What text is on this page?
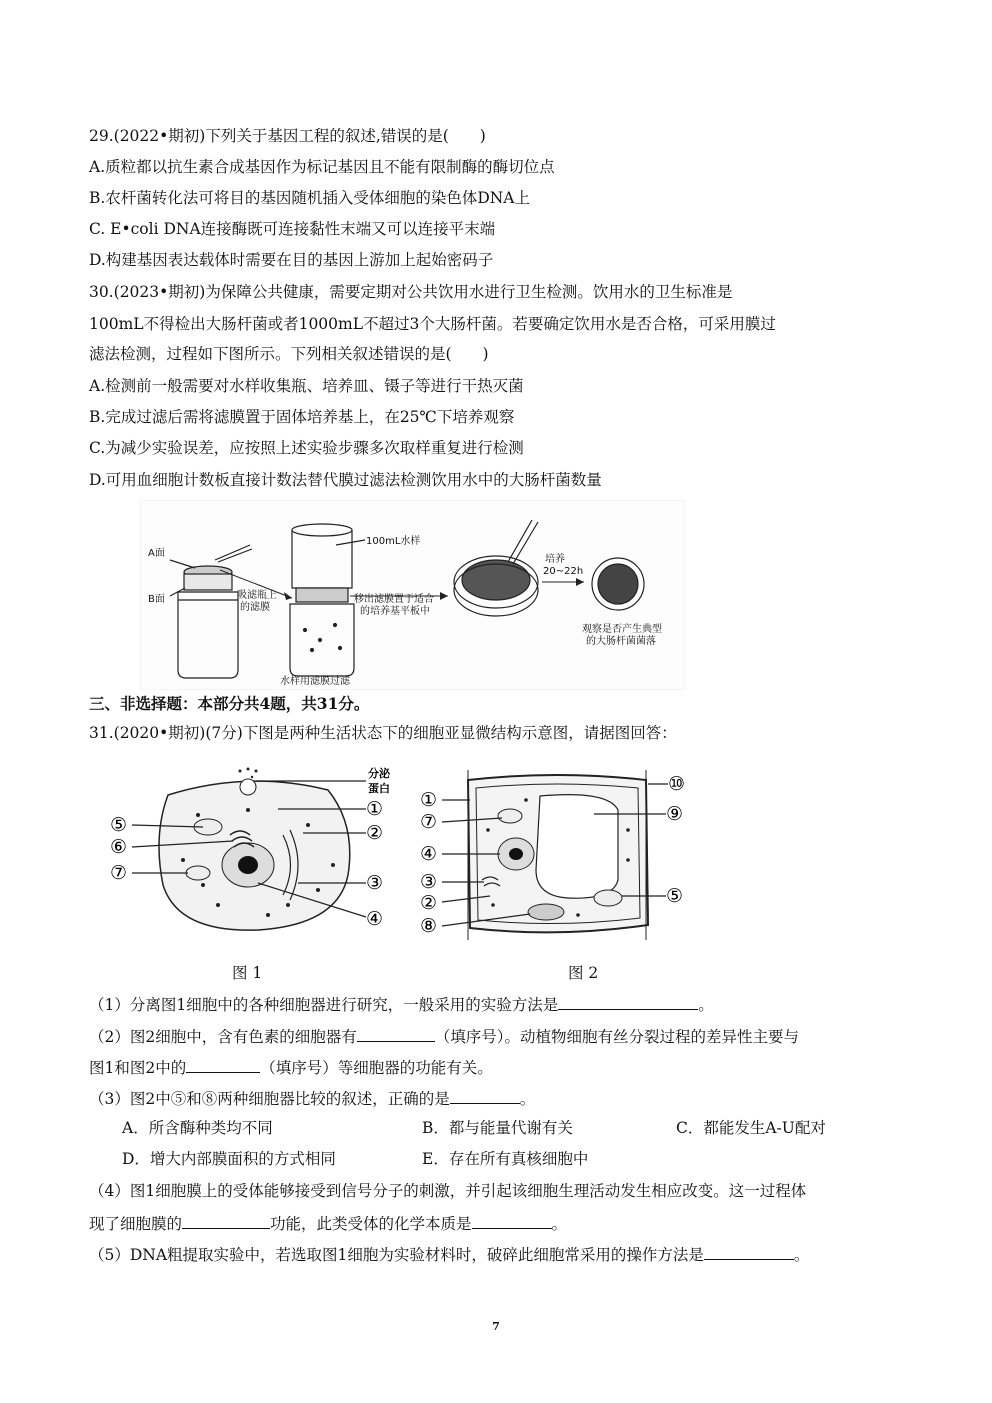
29.(2022•期初)下列关于基因工程的叙述,错误的是(　　)
A.质粒都以抗生素合成基因作为标记基因且不能有限制酶的酶切位点
B.农杆菌转化法可将目的基因随机插入受体细胞的染色体DNA上
C. E•coli DNA连接酶既可连接黏性末端又可以连接平末端
D.构建基因表达载体时需要在目的基因上游加上起始密码子
30.(2023•期初)为保障公共健康，需要定期对公共饮用水进行卫生检测。饮用水的卫生标准是
100mL不得检出大肠杆菌或者1000mL不超过3个大肠杆菌。若要确定饮用水是否合格，可采用膜过
滤法检测，过程如下图所示。下列相关叙述错误的是(　　)
A.检测前一般需要对水样收集瓶、培养皿、镊子等进行干热灭菌
B.完成过滤后需将滤膜置于固体培养基上，在25℃下培养观察
C.为减少实验误差，应按照上述实验步骤多次取样重复进行检测
D.可用血细胞计数板直接计数法替代膜过滤法检测饮用水中的大肠杆菌数量
A面
B面	吸滤瓶上
的滤膜
100mL水样
水样用滤膜过滤
移出滤膜置于适合
的培养基平板中
培养
20~22h
观察是否产生典型
的大肠杆菌菌落
三、非选择题：本部分共4题，共31分。
31.(2020•期初)(7分)下图是两种生活状态下的细胞亚显微结构示意图，请据图回答：
分泌
蛋白
①
②
③
④
⑤
⑥
⑦
①
⑦
④
③
②
⑧
⑩
⑨
⑤
图 1	图 2
（1）分离图1细胞中的各种细胞器进行研究，一般采用的实验方法是	。
（2）图2细胞中，含有色素的细胞器有	（填序号）。动植物细胞有丝分裂过程的差异性主要与
图1和图2中的	（填序号）等细胞器的功能有关。
（3）图2中⑤和⑧两种细胞器比较的叙述，正确的是	。
A．所含酶种类均不同	B．都与能量代谢有关	C．都能发生A-U配对
D．增大内部膜面积的方式相同	E．存在所有真核细胞中
（4）图1细胞膜上的受体能够接受到信号分子的刺激，并引起该细胞生理活动发生相应改变。这一过程体
现了细胞膜的	功能，此类受体的化学本质是	。
（5）DNA粗提取实验中，若选取图1细胞为实验材料时，破碎此细胞常采用的操作方法是	。
7
